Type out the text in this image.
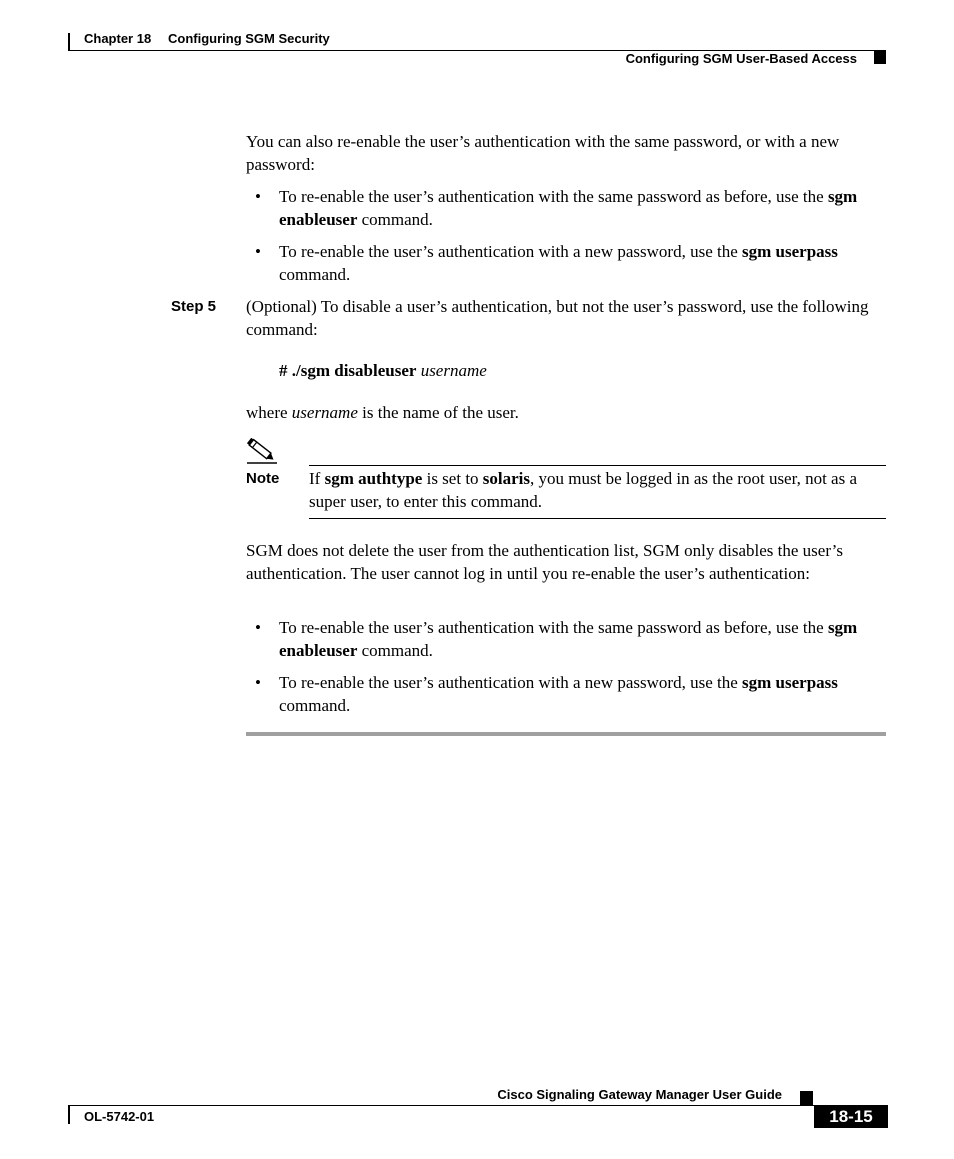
Chapter 18 Configuring SGM Security
Configuring SGM User-Based Access
You can also re-enable the user’s authentication with the same password, or with a new password:
• To re-enable the user’s authentication with the same password as before, use the sgm enableuser command.
• To re-enable the user’s authentication with a new password, use the sgm userpass command.
Step 5 (Optional) To disable a user’s authentication, but not the user’s password, use the following command:
# ./sgm disableuser username
where username is the name of the user.
Note If sgm authtype is set to solaris, you must be logged in as the root user, not as a super user, to enter this command.
SGM does not delete the user from the authentication list, SGM only disables the user’s authentication. The user cannot log in until you re-enable the user’s authentication:
• To re-enable the user’s authentication with the same password as before, use the sgm enableuser command.
• To re-enable the user’s authentication with a new password, use the sgm userpass command.
Cisco Signaling Gateway Manager User Guide
OL-5742-01	18-15
